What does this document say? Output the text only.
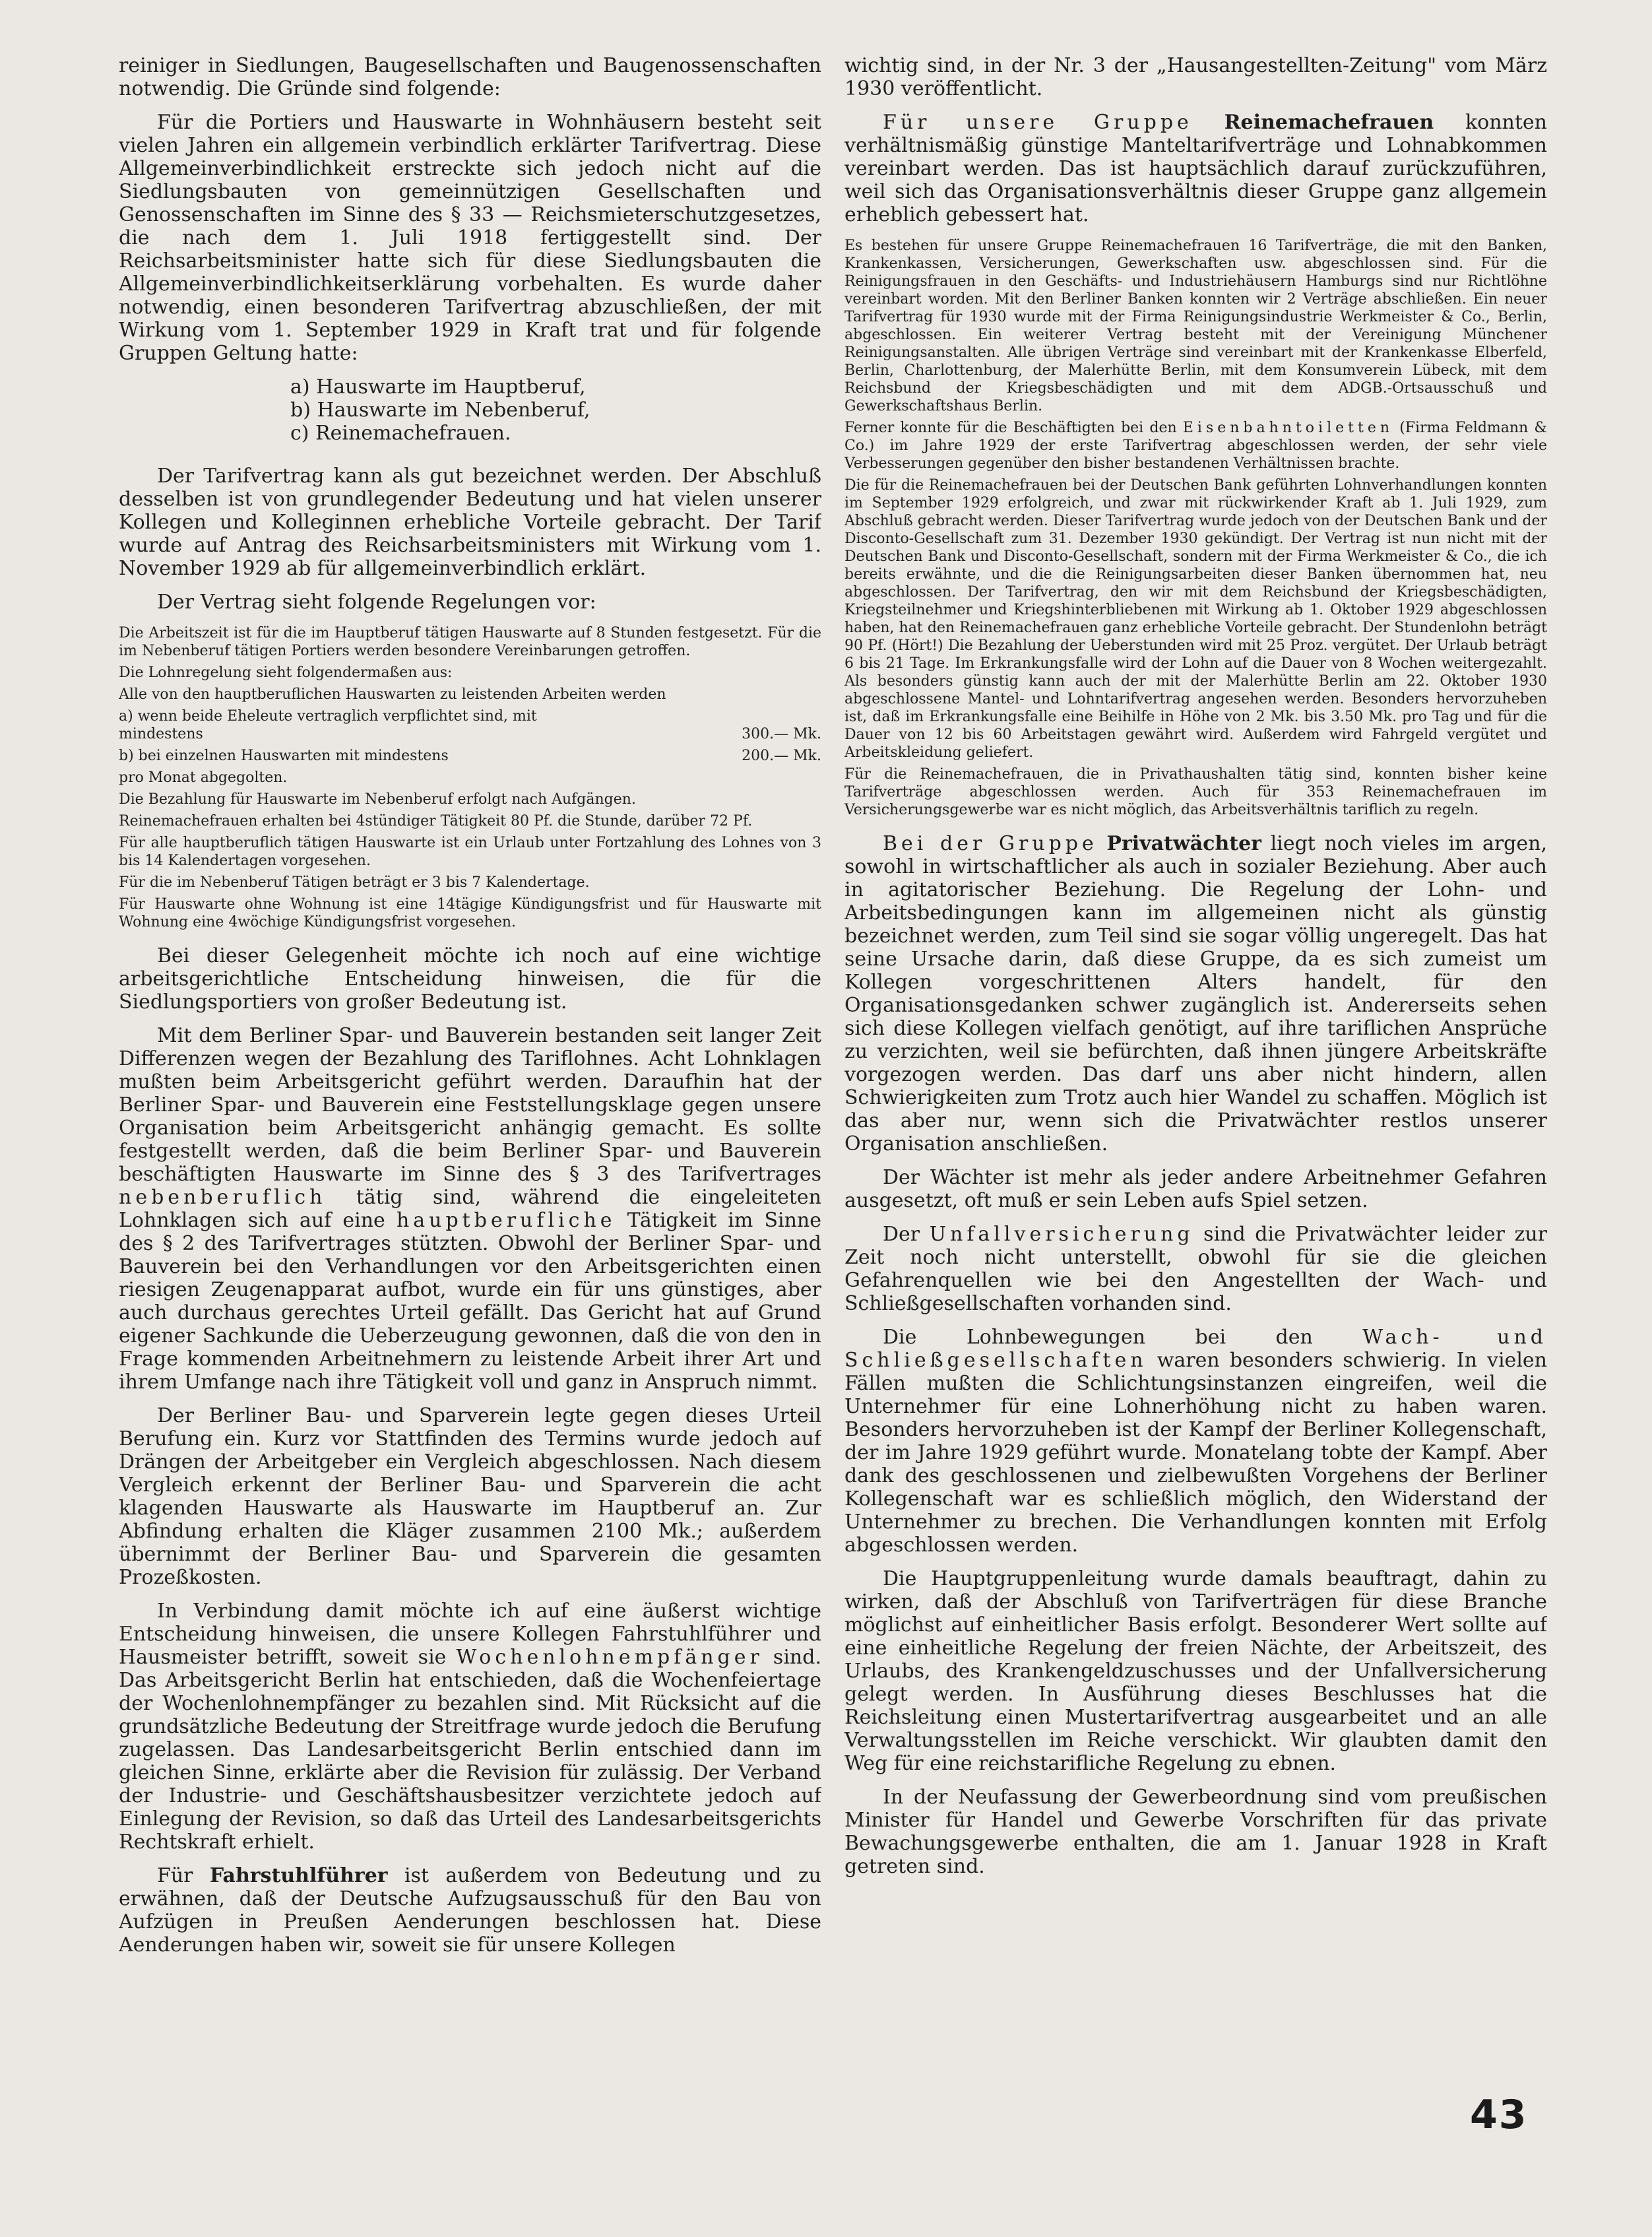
reiniger in Siedlungen, Baugesellschaften und Baugenossenschaften notwendig. Die Gründe sind folgende:

Für die Portiers und Hauswarte in Wohnhäusern besteht seit vielen Jahren ein allgemein verbindlich erklärter Tarifvertrag. Diese Allgemeinverbindlichkeit erstreckte sich jedoch nicht auf die Siedlungsbauten von gemeinnützigen Gesellschaften und Genossenschaften im Sinne des § 33 — Reichsmieterschutzgesetzes, die nach dem 1. Juli 1918 fertiggestellt sind. Der Reichsarbeitsminister hatte sich für diese Siedlungsbauten die Allgemeinverbindlichkeitserklärung vorbehalten. Es wurde daher notwendig, einen besonderen Tarifvertrag abzuschließen, der mit Wirkung vom 1. September 1929 in Kraft trat und für folgende Gruppen Geltung hatte:

a) Hauswarte im Hauptberuf,
b) Hauswarte im Nebenberuf,
c) Reinemachefrauen.

Der Tarifvertrag kann als gut bezeichnet werden. Der Abschluß desselben ist von grundlegender Bedeutung und hat vielen unserer Kollegen und Kolleginnen erhebliche Vorteile gebracht. Der Tarif wurde auf Antrag des Reichsarbeitsministers mit Wirkung vom 1. November 1929 ab für allgemeinverbindlich erklärt.

Der Vertrag sieht folgende Regelungen vor:

Die Arbeitszeit ist für die im Hauptberuf tätigen Hauswarte auf 8 Stunden festgesetzt. Für die im Nebenberuf tätigen Portiers werden besondere Vereinbarungen getroffen.

Die Lohnregelung sieht folgendermaßen aus:

Alle von den hauptberuflichen Hauswarten zu leistenden Arbeiten werden

a) wenn beide Eheleute vertraglich verpflichtet sind, mit
mindestens	300.— Mk.
b) bei einzelnen Hauswarten mit mindestens	200.— Mk.

pro Monat abgegolten.

Die Bezahlung für Hauswarte im Nebenberuf erfolgt nach Aufgängen.

Reinemachefrauen erhalten bei 4stündiger Tätigkeit 80 Pf. die Stunde, darüber 72 Pf.

Für alle hauptberuflich tätigen Hauswarte ist ein Urlaub unter Fortzahlung des Lohnes von 3 bis 14 Kalendertagen vorgesehen.

Für die im Nebenberuf Tätigen beträgt er 3 bis 7 Kalendertage.

Für Hauswarte ohne Wohnung ist eine 14tägige Kündigungsfrist und für Hauswarte mit Wohnung eine 4wöchige Kündigungsfrist vorgesehen.

Bei dieser Gelegenheit möchte ich noch auf eine wichtige arbeitsgerichtliche Entscheidung hinweisen, die für die Siedlungsportiers von großer Bedeutung ist.

Mit dem Berliner Spar- und Bauverein bestanden seit langer Zeit Differenzen wegen der Bezahlung des Tariflohnes. Acht Lohnklagen mußten beim Arbeitsgericht geführt werden. Daraufhin hat der Berliner Spar- und Bauverein eine Feststellungsklage gegen unsere Organisation beim Arbeitsgericht anhängig gemacht. Es sollte festgestellt werden, daß die beim Berliner Spar- und Bauverein beschäftigten Hauswarte im Sinne des § 3 des Tarifvertrages nebenberuflich tätig sind, während die eingeleiteten Lohnklagen sich auf eine hauptberufliche Tätigkeit im Sinne des § 2 des Tarifvertrages stützten. Obwohl der Berliner Spar- und Bauverein bei den Verhandlungen vor den Arbeitsgerichten einen riesigen Zeugenapparat aufbot, wurde ein für uns günstiges, aber auch durchaus gerechtes Urteil gefällt. Das Gericht hat auf Grund eigener Sachkunde die Ueberzeugung gewonnen, daß die von den in Frage kommenden Arbeitnehmern zu leistende Arbeit ihrer Art und ihrem Umfange nach ihre Tätigkeit voll und ganz in Anspruch nimmt.

Der Berliner Bau- und Sparverein legte gegen dieses Urteil Berufung ein. Kurz vor Stattfinden des Termins wurde jedoch auf Drängen der Arbeitgeber ein Vergleich abgeschlossen. Nach diesem Vergleich erkennt der Berliner Bau- und Sparverein die acht klagenden Hauswarte als Hauswarte im Hauptberuf an. Zur Abfindung erhalten die Kläger zusammen 2100 Mk.; außerdem übernimmt der Berliner Bau- und Sparverein die gesamten Prozeßkosten.

In Verbindung damit möchte ich auf eine äußerst wichtige Entscheidung hinweisen, die unsere Kollegen Fahrstuhlführer und Hausmeister betrifft, soweit sie Wochenlohnempfänger sind. Das Arbeitsgericht Berlin hat entschieden, daß die Wochenfeiertage der Wochenlohnempfänger zu bezahlen sind. Mit Rücksicht auf die grundsätzliche Bedeutung der Streitfrage wurde jedoch die Berufung zugelassen. Das Landesarbeitsgericht Berlin entschied dann im gleichen Sinne, erklärte aber die Revision für zulässig. Der Verband der Industrie- und Geschäftshausbesitzer verzichtete jedoch auf Einlegung der Revision, so daß das Urteil des Landesarbeitsgerichts Rechtskraft erhielt.

Für Fahrstuhlführer ist außerdem von Bedeutung und zu erwähnen, daß der Deutsche Aufzugsausschuß für den Bau von Aufzügen in Preußen Aenderungen beschlossen hat. Diese Aenderungen haben wir, soweit sie für unsere Kollegen

wichtig sind, in der Nr. 3 der „Hausangestellten-Zeitung" vom März 1930 veröffentlicht.

Für unsere Gruppe Reinemachefrauen konnten verhältnismäßig günstige Manteltarifverträge und Lohnabkommen vereinbart werden. Das ist hauptsächlich darauf zurückzuführen, weil sich das Organisationsverhältnis dieser Gruppe ganz allgemein erheblich gebessert hat.

Es bestehen für unsere Gruppe Reinemachefrauen 16 Tarifverträge, die mit den Banken, Krankenkassen, Versicherungen, Gewerkschaften usw. abgeschlossen sind. Für die Reinigungsfrauen in den Geschäfts- und Industriehäusern Hamburgs sind nur Richtlöhne vereinbart worden. Mit den Berliner Banken konnten wir 2 Verträge abschließen. Ein neuer Tarifvertrag für 1930 wurde mit der Firma Reinigungsindustrie Werkmeister & Co., Berlin, abgeschlossen. Ein weiterer Vertrag besteht mit der Vereinigung Münchener Reinigungsanstalten. Alle übrigen Verträge sind vereinbart mit der Krankenkasse Elberfeld, Berlin, Charlottenburg, der Malerhütte Berlin, mit dem Konsumverein Lübeck, mit dem Reichsbund der Kriegsbeschädigten und mit dem ADGB.-Ortsausschuß und Gewerkschaftshaus Berlin.

Ferner konnte für die Beschäftigten bei den Eisenbahntoiletten (Firma Feldmann & Co.) im Jahre 1929 der erste Tarifvertrag abgeschlossen werden, der sehr viele Verbesserungen gegenüber den bisher bestandenen Verhältnissen brachte.

Die für die Reinemachefrauen bei der Deutschen Bank geführten Lohnverhandlungen konnten im September 1929 erfolgreich, und zwar mit rückwirkender Kraft ab 1. Juli 1929, zum Abschluß gebracht werden. Dieser Tarifvertrag wurde jedoch von der Deutschen Bank und der Disconto-Gesellschaft zum 31. Dezember 1930 gekündigt. Der Vertrag ist nun nicht mit der Deutschen Bank und Disconto-Gesellschaft, sondern mit der Firma Werkmeister & Co., die ich bereits erwähnte, und die die Reinigungsarbeiten dieser Banken übernommen hat, neu abgeschlossen. Der Tarifvertrag, den wir mit dem Reichsbund der Kriegsbeschädigten, Kriegsteilnehmer und Kriegshinterbliebenen mit Wirkung ab 1. Oktober 1929 abgeschlossen haben, hat den Reinemachefrauen ganz erhebliche Vorteile gebracht. Der Stundenlohn beträgt 90 Pf. (Hört!) Die Bezahlung der Ueberstunden wird mit 25 Proz. vergütet. Der Urlaub beträgt 6 bis 21 Tage. Im Erkrankungsfalle wird der Lohn auf die Dauer von 8 Wochen weitergezahlt. Als besonders günstig kann auch der mit der Malerhütte Berlin am 22. Oktober 1930 abgeschlossene Mantel- und Lohntarifvertrag angesehen werden. Besonders hervorzuheben ist, daß im Erkrankungsfalle eine Beihilfe in Höhe von 2 Mk. bis 3.50 Mk. pro Tag und für die Dauer von 12 bis 60 Arbeitstagen gewährt wird. Außerdem wird Fahrgeld vergütet und Arbeitskleidung geliefert.

Für die Reinemachefrauen, die in Privathaushalten tätig sind, konnten bisher keine Tarifverträge abgeschlossen werden. Auch für 353 Reinemachefrauen im Versicherungsgewerbe war es nicht möglich, das Arbeitsverhältnis tariflich zu regeln.

Bei der Gruppe Privatwächter liegt noch vieles im argen, sowohl in wirtschaftlicher als auch in sozialer Beziehung. Aber auch in agitatorischer Beziehung. Die Regelung der Lohn- und Arbeitsbedingungen kann im allgemeinen nicht als günstig bezeichnet werden, zum Teil sind sie sogar völlig ungeregelt. Das hat seine Ursache darin, daß diese Gruppe, da es sich zumeist um Kollegen vorgeschrittenen Alters handelt, für den Organisationsgedanken schwer zugänglich ist. Andererseits sehen sich diese Kollegen vielfach genötigt, auf ihre tariflichen Ansprüche zu verzichten, weil sie befürchten, daß ihnen jüngere Arbeitskräfte vorgezogen werden. Das darf uns aber nicht hindern, allen Schwierigkeiten zum Trotz auch hier Wandel zu schaffen. Möglich ist das aber nur, wenn sich die Privatwächter restlos unserer Organisation anschließen.

Der Wächter ist mehr als jeder andere Arbeitnehmer Gefahren ausgesetzt, oft muß er sein Leben aufs Spiel setzen.

Der Unfallversicherung sind die Privatwächter leider zur Zeit noch nicht unterstellt, obwohl für sie die gleichen Gefahrenquellen wie bei den Angestellten der Wach- und Schließgesellschaften vorhanden sind.

Die Lohnbewegungen bei den	Wach- und Schließgesellschaften waren besonders schwierig. In vielen Fällen mußten die Schlichtungsinstanzen eingreifen, weil die Unternehmer für eine Lohnerhöhung nicht zu haben waren. Besonders hervorzuheben ist der Kampf der Berliner Kollegenschaft, der im Jahre 1929 geführt wurde. Monatelang tobte der Kampf. Aber dank des geschlossenen und zielbewußten Vorgehens der Berliner Kollegenschaft war es schließlich möglich, den Widerstand der Unternehmer zu brechen. Die Verhandlungen konnten mit Erfolg abgeschlossen werden.

Die Hauptgruppenleitung wurde damals beauftragt, dahin zu wirken, daß der Abschluß von Tarifverträgen für diese Branche möglichst auf einheitlicher Basis erfolgt. Besonderer Wert sollte auf eine einheitliche Regelung der freien Nächte, der Arbeitszeit, des Urlaubs, des Krankengeldzuschusses und der Unfallversicherung gelegt werden. In Ausführung dieses Beschlusses hat die Reichsleitung einen Mustertarifvertrag ausgearbeitet und an alle Verwaltungsstellen im Reiche verschickt. Wir glaubten damit den Weg für eine reichstarifliche Regelung zu ebnen.

In der Neufassung der Gewerbeordnung sind vom preußischen Minister für Handel und Gewerbe Vorschriften für das private Bewachungsgewerbe enthalten, die am 1. Januar 1928 in Kraft getreten sind.

43
